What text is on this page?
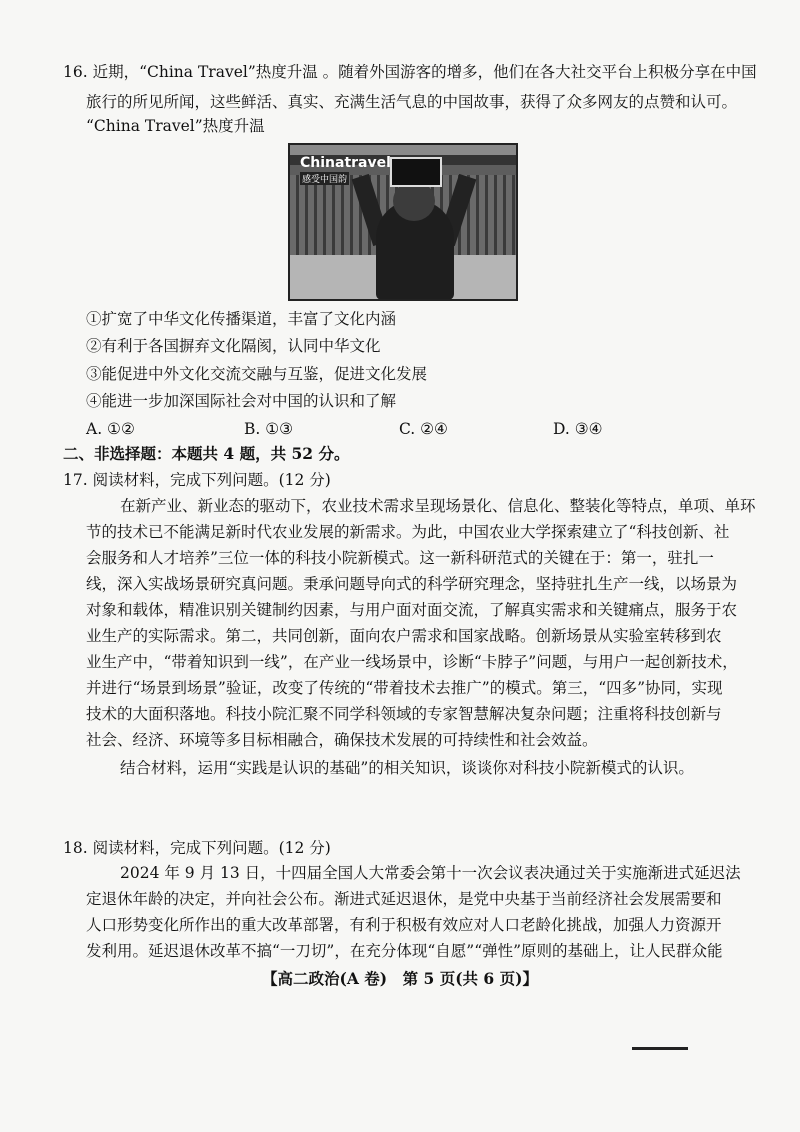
16. 近期，“China Travel”热度升温 。随着外国游客的增多，他们在各大社交平台上积极分享在中国
旅行的所见所闻，这些鲜活、真实、充满生活气息的中国故事，获得了众多网友的点赞和认可。
“China Travel”热度升温
Chinatravel
感受中国韵
①扩宽了中华文化传播渠道，丰富了文化内涵
②有利于各国摒弃文化隔阂，认同中华文化
③能促进中外文化交流交融与互鉴，促进文化发展
④能进一步加深国际社会对中国的认识和了解
A. ①②	B. ①③	C. ②④	D. ③④
二、非选择题：本题共 4 题，共 52 分。
17. 阅读材料，完成下列问题。(12 分)
在新产业、新业态的驱动下，农业技术需求呈现场景化、信息化、整装化等特点，单项、单环
节的技术已不能满足新时代农业发展的新需求。为此，中国农业大学探索建立了“科技创新、社
会服务和人才培养”三位一体的科技小院新模式。这一新科研范式的关键在于：第一，驻扎一
线，深入实战场景研究真问题。秉承问题导向式的科学研究理念，坚持驻扎生产一线，以场景为
对象和载体，精准识别关键制约因素，与用户面对面交流，了解真实需求和关键痛点，服务于农
业生产的实际需求。第二，共同创新，面向农户需求和国家战略。创新场景从实验室转移到农
业生产中，“带着知识到一线”，在产业一线场景中，诊断“卡脖子”问题，与用户一起创新技术，
并进行“场景到场景”验证，改变了传统的“带着技术去推广”的模式。第三，“四多”协同，实现
技术的大面积落地。科技小院汇聚不同学科领域的专家智慧解决复杂问题；注重将科技创新与
社会、经济、环境等多目标相融合，确保技术发展的可持续性和社会效益。
结合材料，运用“实践是认识的基础”的相关知识，谈谈你对科技小院新模式的认识。
18. 阅读材料，完成下列问题。(12 分)
2024 年 9 月 13 日，十四届全国人大常委会第十一次会议表决通过关于实施渐进式延迟法
定退休年龄的决定，并向社会公布。渐进式延迟退休，是党中央基于当前经济社会发展需要和
人口形势变化所作出的重大改革部署，有利于积极有效应对人口老龄化挑战，加强人力资源开
发利用。延迟退休改革不搞“一刀切”，在充分体现“自愿”“弹性”原则的基础上，让人民群众能
【高二政治(A 卷)　第 5 页(共 6 页)】
